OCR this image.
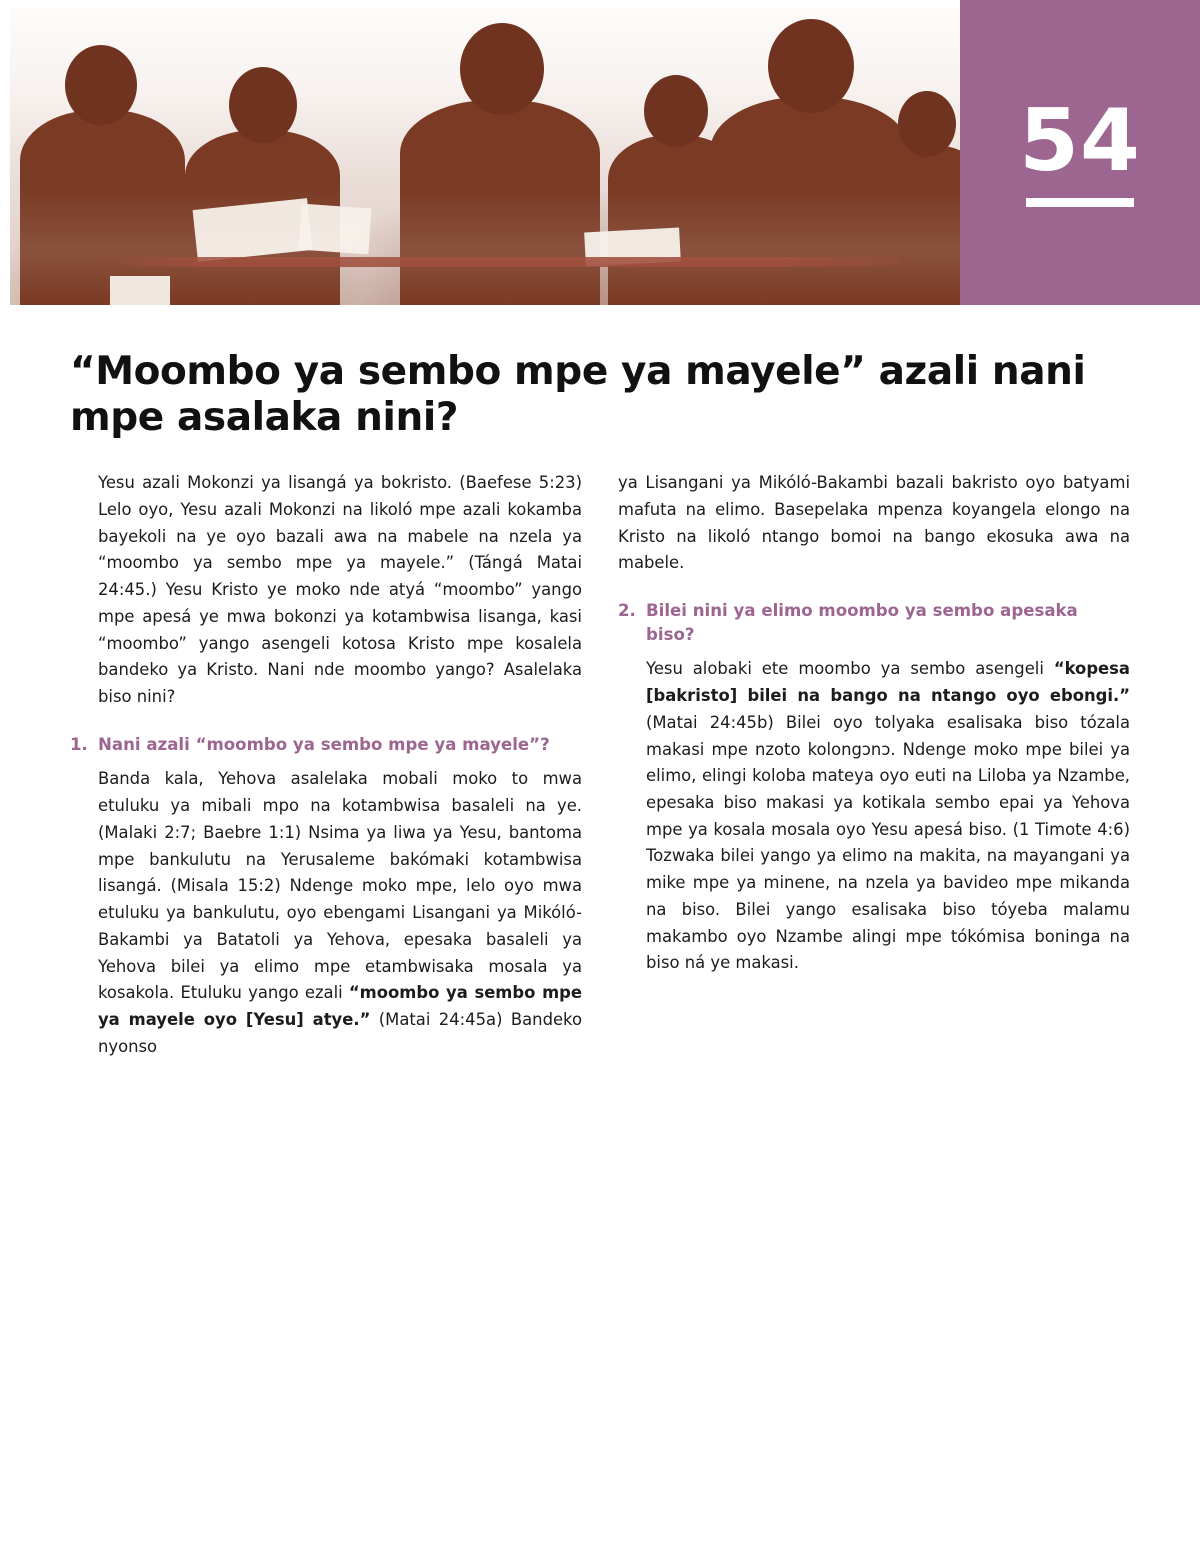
54
“Moombo ya sembo mpe ya mayele” azali nani mpe asalaka nini?

Yesu azali Mokonzi ya lisangá ya bokristo. (Baefese 5:23) Lelo oyo, Yesu azali Mokonzi na likoló mpe azali kokamba bayekoli na ye oyo bazali awa na mabele na nzela ya “moombo ya sembo mpe ya mayele.” (Tángá Matai 24:45.) Yesu Kristo ye moko nde atyá “moombo” yango mpe apesá ye mwa bokonzi ya kotambwisa lisanga, kasi “moombo” yango asengeli kotosa Kristo mpe kosalela bandeko ya Kristo. Nani nde moombo yango? Asalelaka biso nini?

1. Nani azali “moombo ya sembo mpe ya mayele”?

Banda kala, Yehova asalelaka mobali moko to mwa etuluku ya mibali mpo na kotambwisa basaleli na ye. (Malaki 2:7; Baebre 1:1) Nsima ya liwa ya Yesu, bantoma mpe bankulutu na Yerusaleme bakómaki kotambwisa lisangá. (Misala 15:2) Ndenge moko mpe, lelo oyo mwa etuluku ya bankulutu, oyo ebengami Lisangani ya Mikóló-Bakambi ya Batatoli ya Yehova, epesaka basaleli ya Yehova bilei ya elimo mpe etambwisaka mosala ya kosakola. Etuluku yango ezali “moombo ya sembo mpe ya mayele oyo [Yesu] atye.” (Matai 24:45a) Bandeko nyonso

ya Lisangani ya Mikóló-Bakambi bazali bakristo oyo batyami mafuta na elimo. Basepelaka mpenza koyangela elongo na Kristo na likoló ntango bomoi na bango ekosuka awa na mabele.

2. Bilei nini ya elimo moombo ya sembo apesaka biso?

Yesu alobaki ete moombo ya sembo asengeli “kopesa [bakristo] bilei na bango na ntango oyo ebongi.” (Matai 24:45b) Bilei oyo tolyaka esalisaka biso tózala makasi mpe nzoto kolongɔnɔ. Ndenge moko mpe bilei ya elimo, elingi koloba mateya oyo euti na Liloba ya Nzambe, epesaka biso makasi ya kotikala sembo epai ya Yehova mpe ya kosala mosala oyo Yesu apesá biso. (1 Timote 4:6) Tozwaka bilei yango ya elimo na makita, na mayangani ya mike mpe ya minene, na nzela ya bavideo mpe mikanda na biso. Bilei yango esalisaka biso tóyeba malamu makambo oyo Nzambe alingi mpe tókómisa boninga na biso ná ye makasi.
